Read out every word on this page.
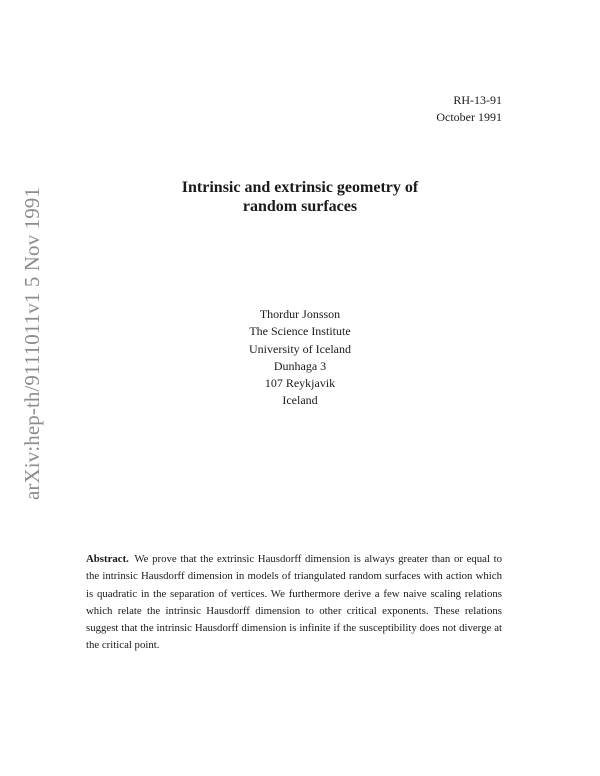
RH-13-91
October 1991
arXiv:hep-th/9111011v1 5 Nov 1991	Intrinsic and extrinsic geometry of
random surfaces
Thordur Jonsson
The Science Institute
University of Iceland
Dunhaga 3
107 Reykjavik
Iceland
Abstract. We prove that the extrinsic Hausdorff dimension is always greater than or equal to the intrinsic Hausdorff dimension in models of triangulated random surfaces with action which is quadratic in the separation of vertices. We furthermore derive a few naive scaling relations which relate the intrinsic Hausdorff dimension to other critical exponents. These relations suggest that the intrinsic Hausdorff dimension is infinite if the susceptibility does not diverge at the critical point.
